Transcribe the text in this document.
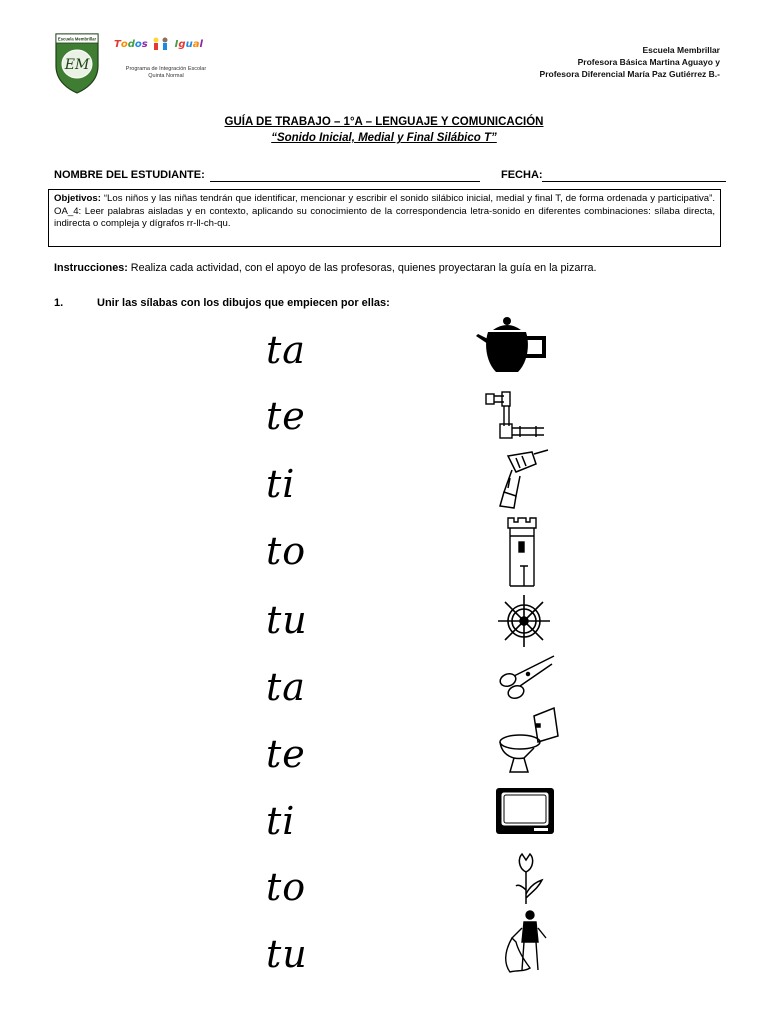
Escuela Membrillar
EM
Todos	Igual
Programa de Integración Escolar
Quinta Normal
Escuela Membrillar
Profesora Básica Martina Aguayo y
Profesora Diferencial María Paz Gutiérrez B.-
GUÍA DE TRABAJO – 1°A – LENGUAJE Y COMUNICACIÓN
“Sonido Inicial, Medial y Final Silábico T”
NOMBRE DEL ESTUDIANTE:	FECHA:
Objetivos: “Los niños y las niñas tendrán que identificar, mencionar y escribir el sonido silábico inicial, medial y final T, de forma ordenada y participativa”. OA_4: Leer palabras aisladas y en contexto, aplicando su conocimiento de la correspondencia letra-sonido en diferentes combinaciones: sílaba directa, indirecta o compleja y dígrafos rr-ll-ch-qu.
Instrucciones: Realiza cada actividad, con el apoyo de las profesoras, quienes proyectaran la guía en la pizarra.
1.	Unir las sílabas con los dibujos que empiecen por ellas:
ta
te
ti
to
tu
ta
te
ti
to
tu
